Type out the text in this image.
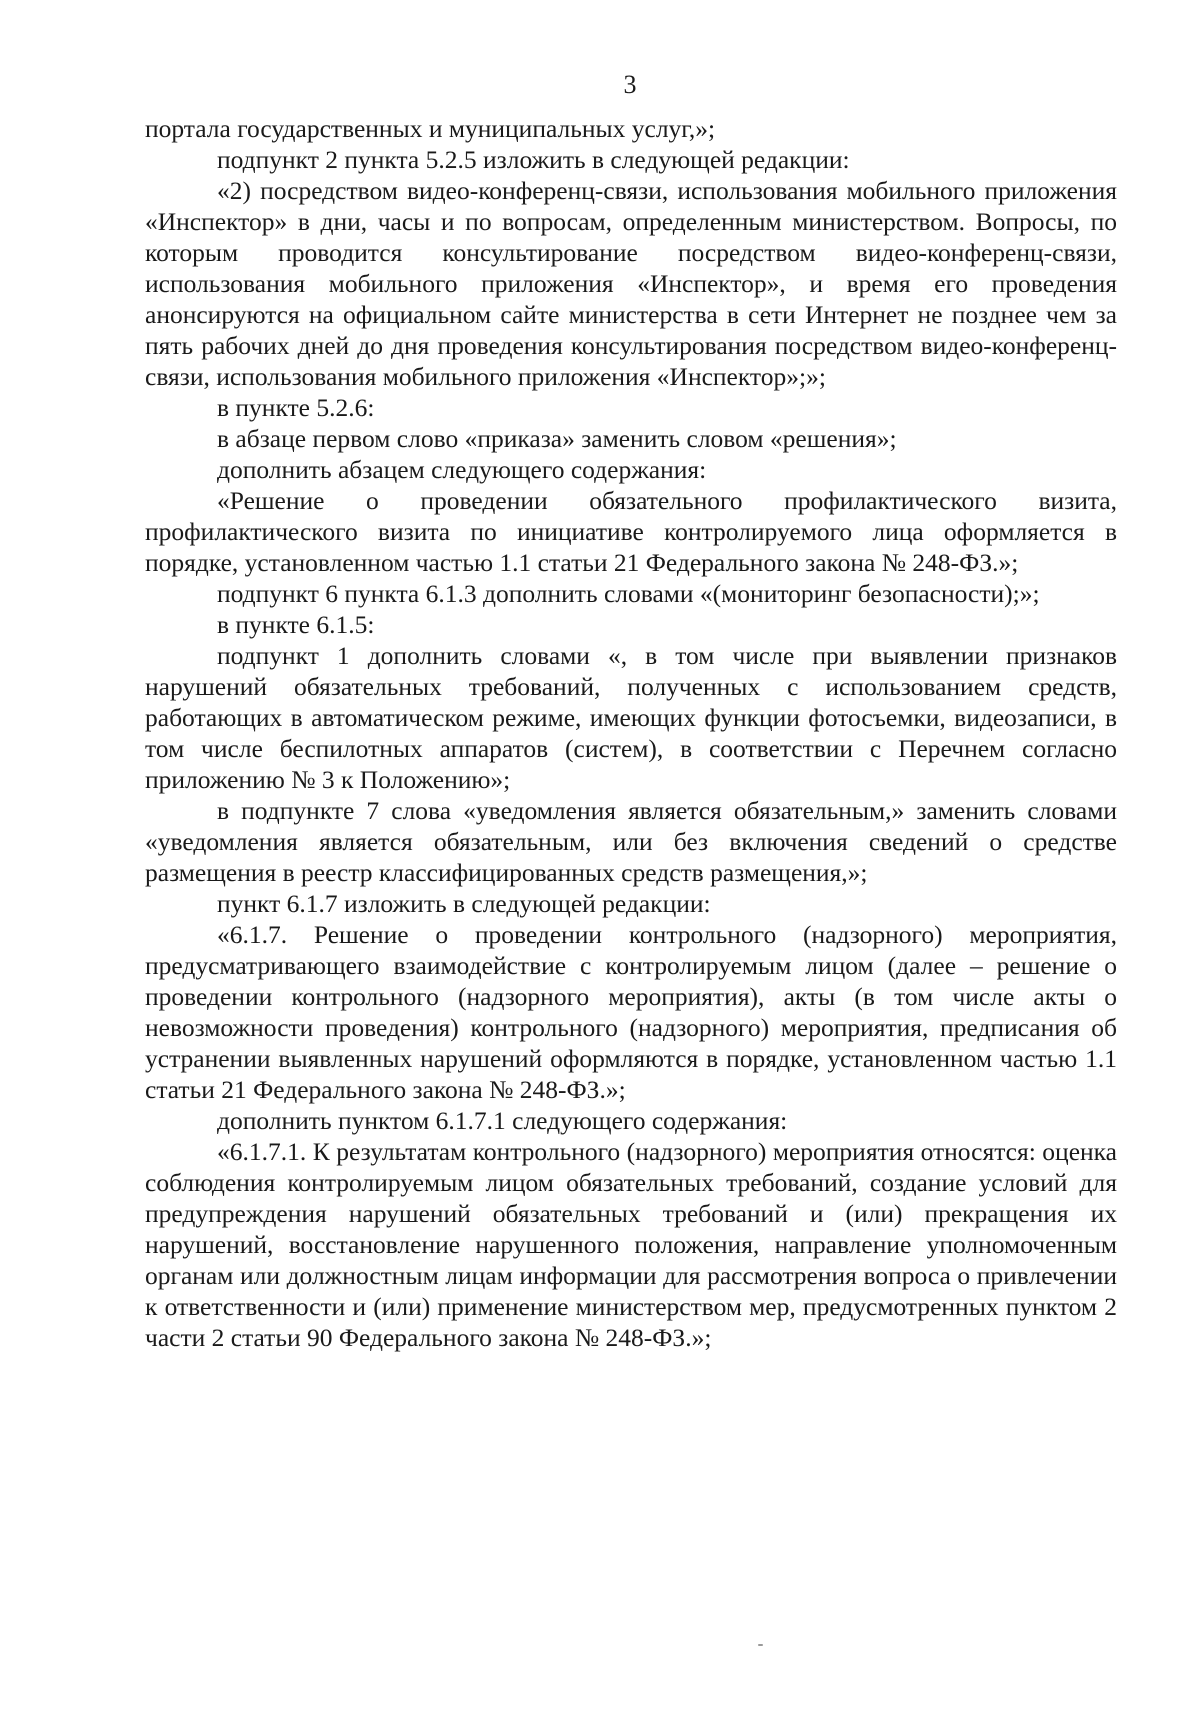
3

портала государственных и муниципальных услуг,»;

подпункт 2 пункта 5.2.5 изложить в следующей редакции:

«2) посредством видео-конференц-связи, использования мобильного приложения «Инспектор» в дни, часы и по вопросам, определенным министерством. Вопросы, по которым проводится консультирование посредством видео-конференц-связи, использования мобильного приложения «Инспектор», и время его проведения анонсируются на официальном сайте министерства в сети Интернет не позднее чем за пять рабочих дней до дня проведения консультирования посредством видео-конференц-связи, использования мобильного приложения «Инспектор»;»;

в пункте 5.2.6:

в абзаце первом слово «приказа» заменить словом «решения»;

дополнить абзацем следующего содержания:

«Решение о проведении обязательного профилактического визита, профилактического визита по инициативе контролируемого лица оформляется в порядке, установленном частью 1.1 статьи 21 Федерального закона № 248-ФЗ.»;

подпункт 6 пункта 6.1.3 дополнить словами «(мониторинг безопасности);»;

в пункте 6.1.5:

подпункт 1 дополнить словами «, в том числе при выявлении признаков нарушений обязательных требований, полученных с использованием средств, работающих в автоматическом режиме, имеющих функции фотосъемки, видеозаписи, в том числе беспилотных аппаратов (систем), в соответствии с Перечнем согласно приложению № 3 к Положению»;

в подпункте 7 слова «уведомления является обязательным,» заменить словами «уведомления является обязательным, или без включения сведений о средстве размещения в реестр классифицированных средств размещения,»;

пункт 6.1.7 изложить в следующей редакции:

«6.1.7. Решение о проведении контрольного (надзорного) мероприятия, предусматривающего взаимодействие с контролируемым лицом (далее – решение о проведении контрольного (надзорного мероприятия), акты (в том числе акты о невозможности проведения) контрольного (надзорного) мероприятия, предписания об устранении выявленных нарушений оформляются в порядке, установленном частью 1.1 статьи 21 Федерального закона № 248-ФЗ.»;

дополнить пунктом 6.1.7.1 следующего содержания:

«6.1.7.1. К результатам контрольного (надзорного) мероприятия относятся: оценка соблюдения контролируемым лицом обязательных требований, создание условий для предупреждения нарушений обязательных требований и (или) прекращения их нарушений, восстановление нарушенного положения, направление уполномоченным органам или должностным лицам информации для рассмотрения вопроса о привлечении к ответственности и (или) применение министерством мер, предусмотренных пунктом 2 части 2 статьи 90 Федерального закона № 248-ФЗ.»;
